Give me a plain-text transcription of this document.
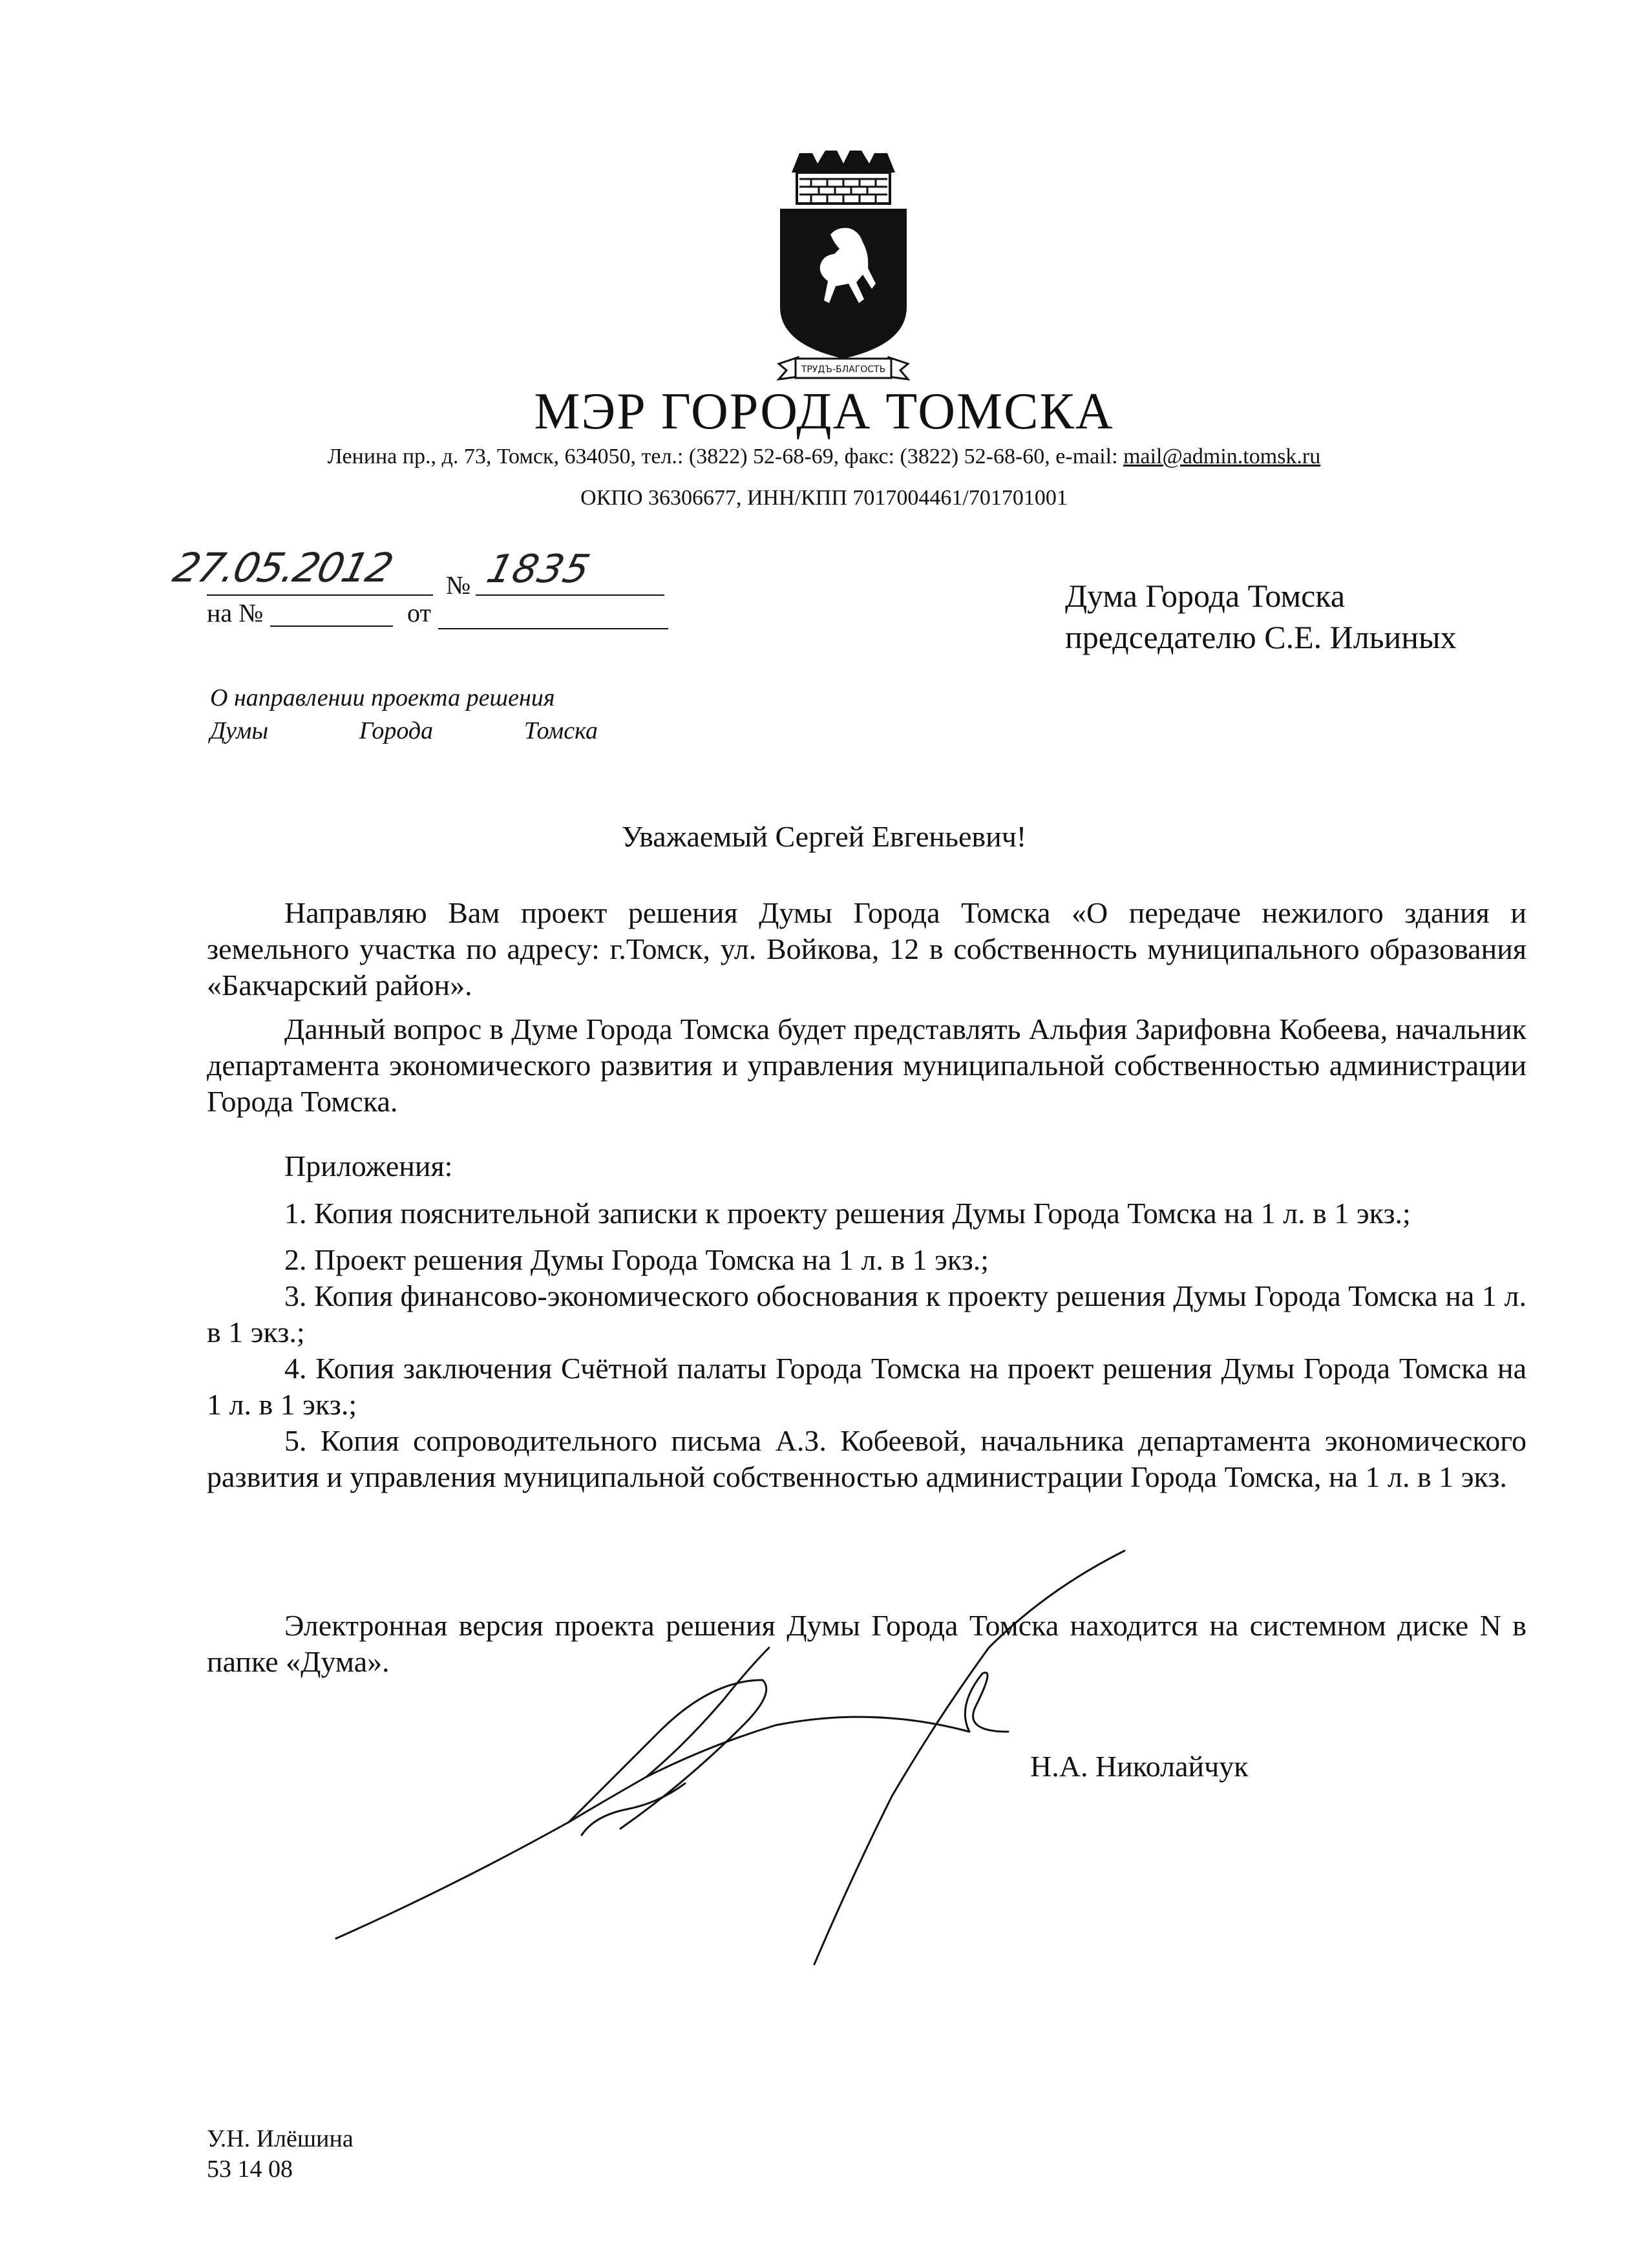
ТРУДЪ-БЛАГОСТЬ
МЭР ГОРОДА ТОМСКА
Ленина пр., д. 73, Томск, 634050, тел.: (3822) 52-68-69, факс: (3822) 52-68-60, e-mail: mail@admin.tomsk.ru
ОКПО 36306677, ИНН/КПП 7017004461/701701001
27.05.2012 № 1835
на №	от	Дума Города Томска
председателю С.Е. Ильиных
О направлении проекта решения
Думы	Города	Томска
Уважаемый Сергей Евгеньевич!
Направляю Вам проект решения Думы Города Томска «О передаче нежилого здания и земельного участка по адресу: г.Томск, ул. Войкова, 12 в собственность муниципального образования «Бакчарский район».
Данный вопрос в Думе Города Томска будет представлять Альфия Зарифовна Кобеева, начальник департамента экономического развития и управления муниципальной собственностью администрации Города Томска.
Приложения:
1. Копия пояснительной записки к проекту решения Думы Города Томска на 1 л. в 1 экз.;
2. Проект решения Думы Города Томска на 1 л. в 1 экз.;
3. Копия финансово-экономического обоснования к проекту решения Думы Города Томска на 1 л. в 1 экз.;
4. Копия заключения Счётной палаты Города Томска на проект решения Думы Города Томска на 1 л. в 1 экз.;
5. Копия сопроводительного письма А.З. Кобеевой, начальника департамента экономического развития и управления муниципальной собственностью администрации Города Томска, на 1 л. в 1 экз.
Электронная версия проекта решения Думы Города Томска находится на системном диске N в папке «Дума».
Н.А. Николайчук
У.Н. Илёшина
53 14 08
